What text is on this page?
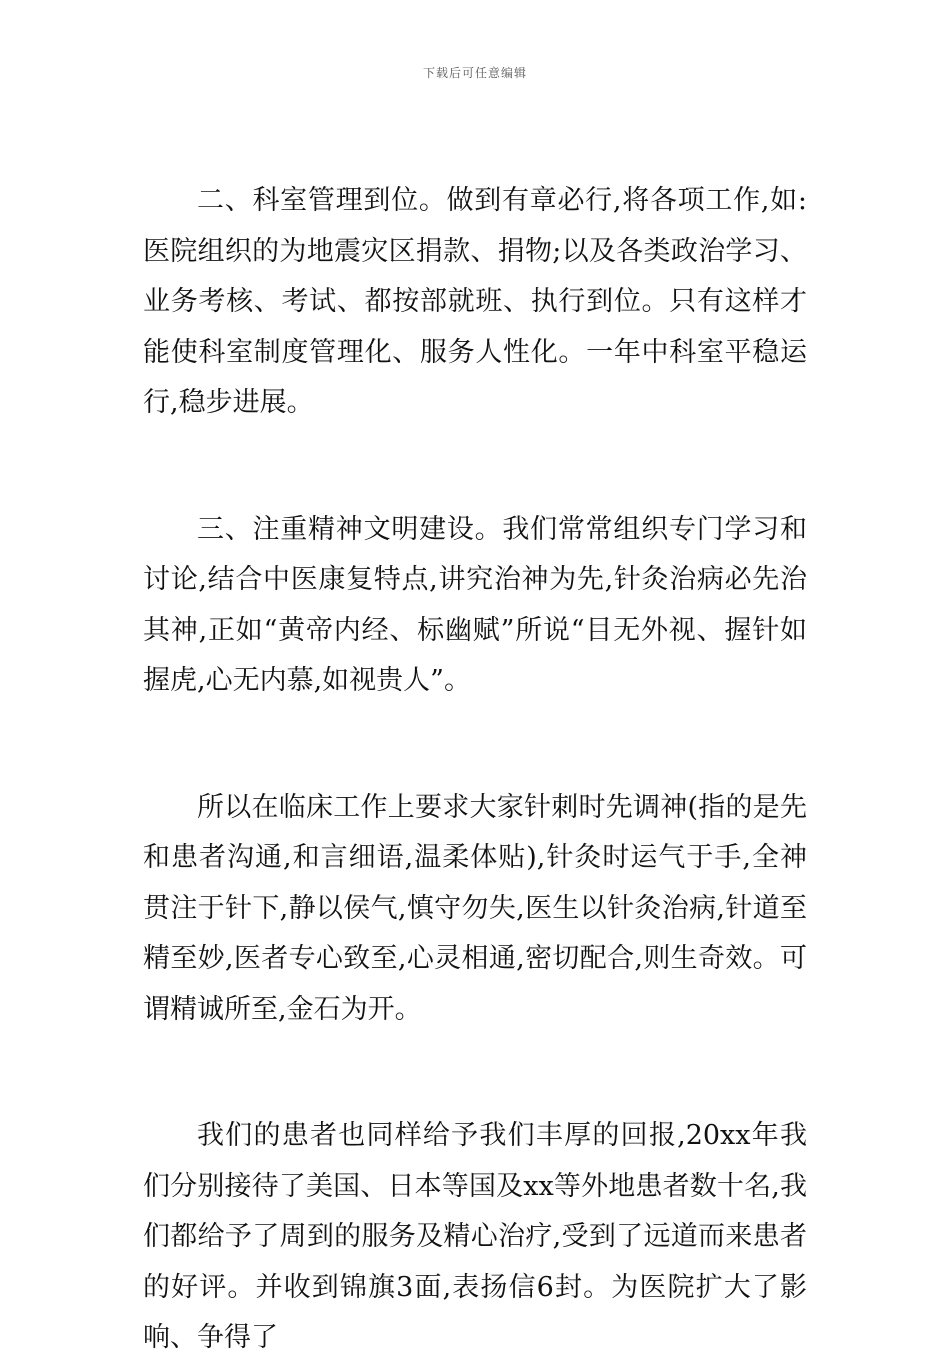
下载后可任意编辑

二、科室管理到位。做到有章必行,将各项工作,如:医院组织的为地震灾区捐款、捐物;以及各类政治学习、业务考核、考试、都按部就班、执行到位。只有这样才能使科室制度管理化、服务人性化。一年中科室平稳运行,稳步进展。

三、注重精神文明建设。我们常常组织专门学习和讨论,结合中医康复特点,讲究治神为先,针灸治病必先治其神,正如“黄帝内经、标幽赋”所说“目无外视、握针如握虎,心无内慕,如视贵人”。

所以在临床工作上要求大家针刺时先调神(指的是先和患者沟通,和言细语,温柔体贴),针灸时运气于手,全神贯注于针下,静以侯气,慎守勿失,医生以针灸治病,针道至精至妙,医者专心致至,心灵相通,密切配合,则生奇效。可谓精诚所至,金石为开。

我们的患者也同样给予我们丰厚的回报,20xx年我们分别接待了美国、日本等国及xx等外地患者数十名,我们都给予了周到的服务及精心治疗,受到了远道而来患者的好评。并收到锦旗3面,表扬信6封。为医院扩大了影响、争得了
